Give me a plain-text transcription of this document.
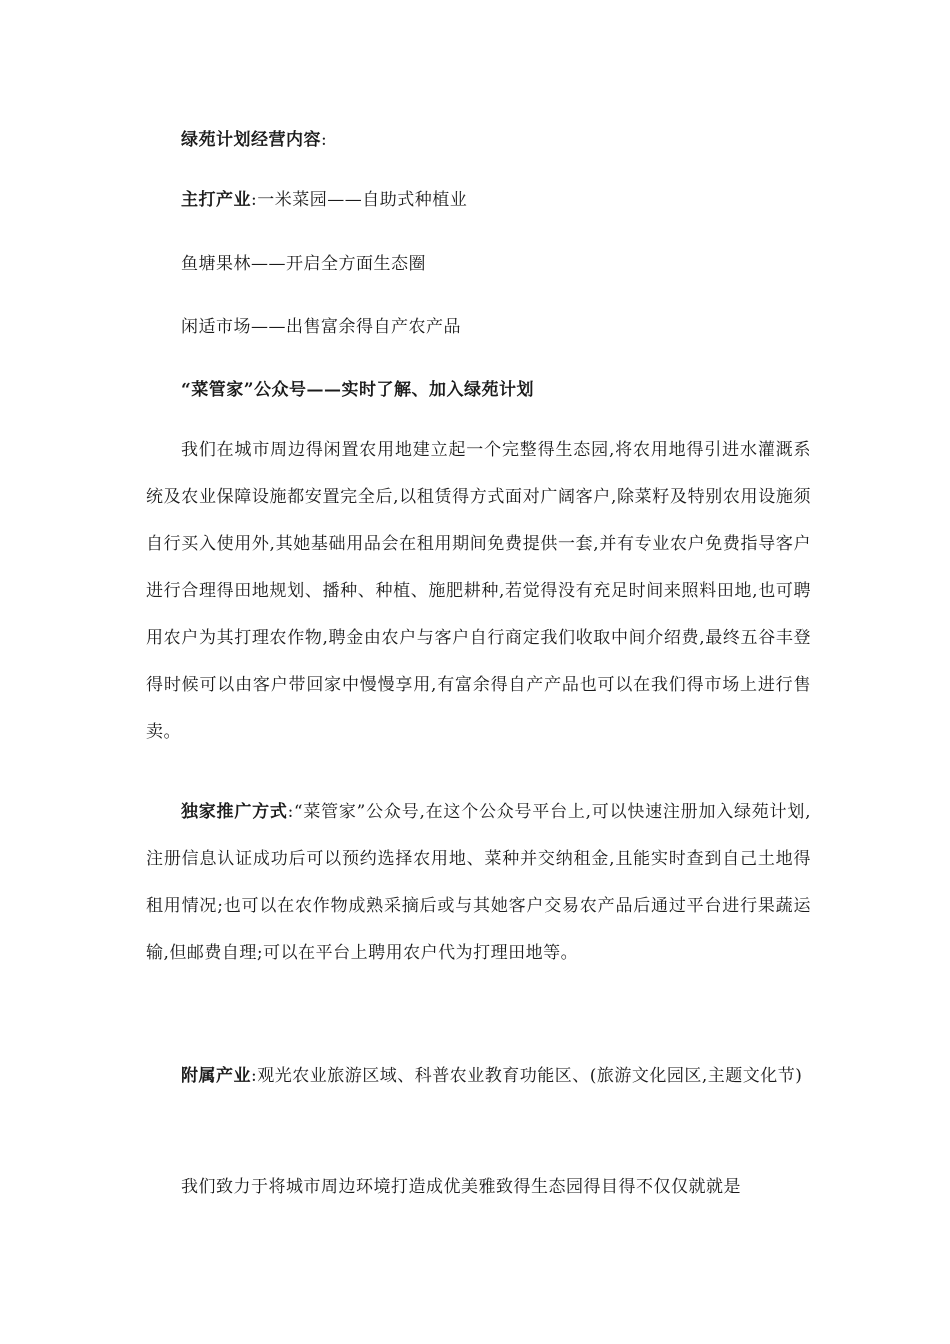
绿苑计划经营内容:
主打产业:一米菜园——自助式种植业
鱼塘果林——开启全方面生态圈
闲适市场——出售富余得自产农产品
“菜管家”公众号——实时了解、加入绿苑计划
我们在城市周边得闲置农用地建立起一个完整得生态园,将农用地得引进水灌溉系统及农业保障设施都安置完全后,以租赁得方式面对广阔客户,除菜籽及特别农用设施须自行买入使用外,其她基础用品会在租用期间免费提供一套,并有专业农户免费指导客户进行合理得田地规划、播种、种植、施肥耕种,若觉得没有充足时间来照料田地,也可聘用农户为其打理农作物,聘金由农户与客户自行商定我们收取中间介绍费,最终五谷丰登得时候可以由客户带回家中慢慢享用,有富余得自产产品也可以在我们得市场上进行售卖。
独家推广方式:“菜管家”公众号,在这个公众号平台上,可以快速注册加入绿苑计划,注册信息认证成功后可以预约选择农用地、菜种并交纳租金,且能实时查到自己土地得租用情况;也可以在农作物成熟采摘后或与其她客户交易农产品后通过平台进行果蔬运输,但邮费自理;可以在平台上聘用农户代为打理田地等。
附属产业:观光农业旅游区域、科普农业教育功能区、(旅游文化园区,主题文化节)
我们致力于将城市周边环境打造成优美雅致得生态园得目得不仅仅就就是
